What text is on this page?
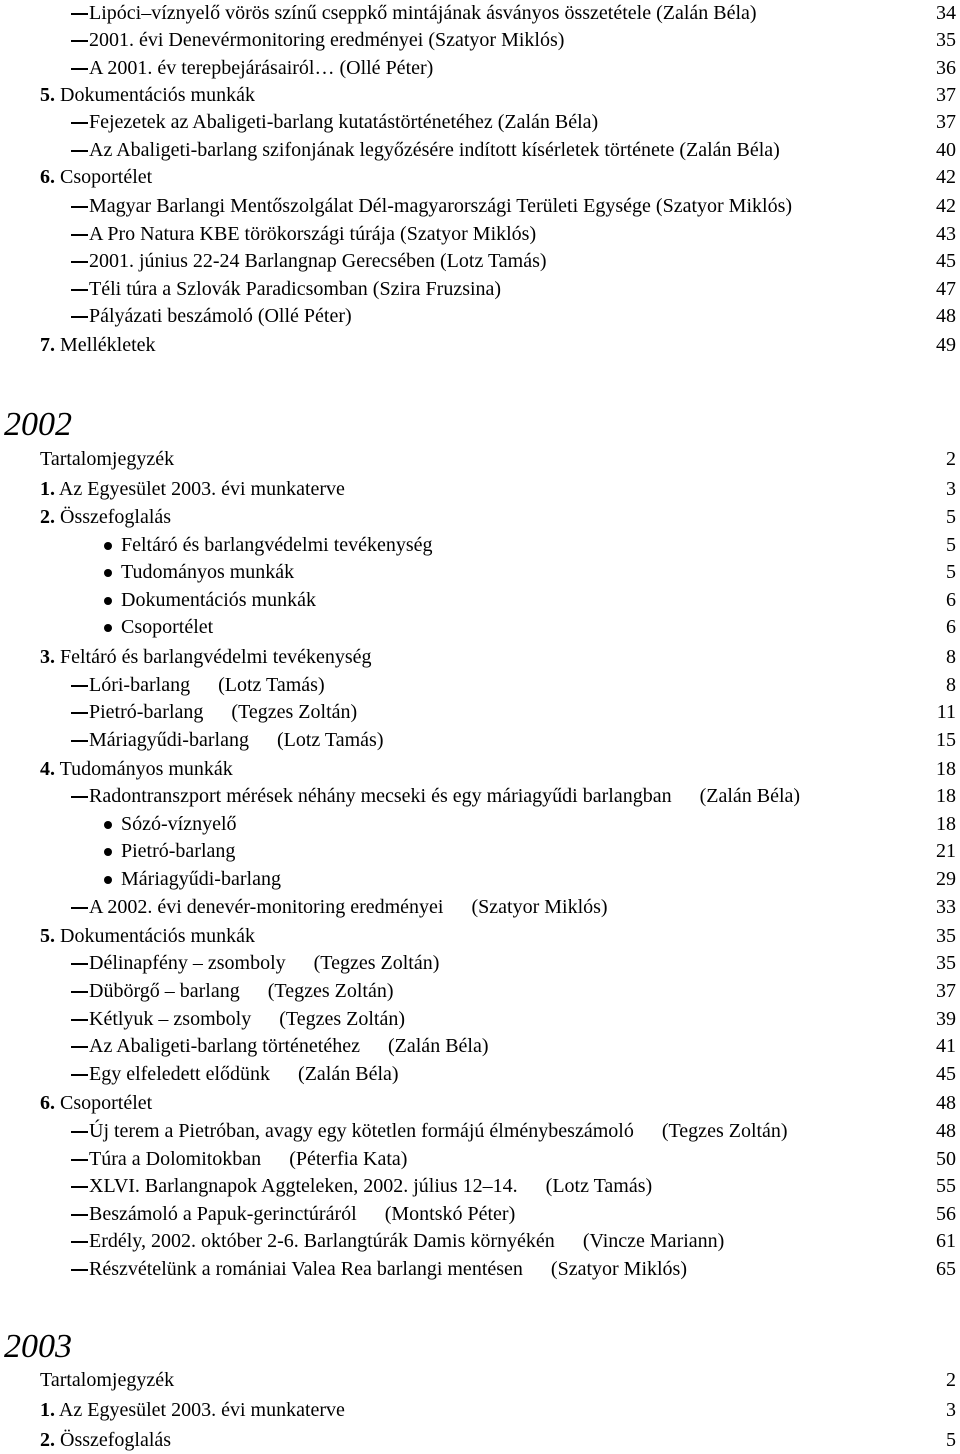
Lipóci–víznyelő vörös színű cseppkő mintájának ásványos összetétele (Zalán Béla)	34
2001. évi Denevérmonitoring eredményei (Szatyor Miklós)	35
A 2001. év terepbejárásairól… (Ollé Péter)	36
5. Dokumentációs munkák	37
Fejezetek az Abaligeti-barlang kutatástörténetéhez (Zalán Béla)	37
Az Abaligeti-barlang szifonjának legyőzésére indított kísérletek története (Zalán Béla)	40
6. Csoportélet	42
Magyar Barlangi Mentőszolgálat Dél-magyarországi Területi Egysége (Szatyor Miklós)	42
A Pro Natura KBE törökországi túrája (Szatyor Miklós)	43
2001. június 22-24 Barlangnap Gerecsében (Lotz Tamás)	45
Téli túra a Szlovák Paradicsomban (Szira Fruzsina)	47
Pályázati beszámoló (Ollé Péter)	48
7. Mellékletek	49
2002
Tartalomjegyzék	2
1. Az Egyesület 2003. évi munkaterve	3
2. Összefoglalás	5
Feltáró és barlangvédelmi tevékenység	5
Tudományos munkák	5
Dokumentációs munkák	6
Csoportélet	6
3. Feltáró és barlangvédelmi tevékenység	8
Lóri-barlang (Lotz Tamás)	8
Pietró-barlang (Tegzes Zoltán)	11
Máriagyűdi-barlang (Lotz Tamás)	15
4. Tudományos munkák	18
Radontranszport mérések néhány mecseki és egy máriagyűdi barlangban (Zalán Béla)	18
Sózó-víznyelő	18
Pietró-barlang	21
Máriagyűdi-barlang	29
A 2002. évi denevér-monitoring eredményei (Szatyor Miklós)	33
5. Dokumentációs munkák	35
Délinapfény – zsomboly (Tegzes Zoltán)	35
Dübörgő – barlang (Tegzes Zoltán)	37
Kétlyuk – zsomboly (Tegzes Zoltán)	39
Az Abaligeti-barlang történetéhez (Zalán Béla)	41
Egy elfeledett elődünk (Zalán Béla)	45
6. Csoportélet	48
Új terem a Pietróban, avagy egy kötetlen formájú élménybeszámoló (Tegzes Zoltán)	48
Túra a Dolomitokban (Péterfia Kata)	50
XLVI. Barlangnapok Aggteleken, 2002. július 12–14. (Lotz Tamás)	55
Beszámoló a Papuk-gerinctúráról (Montskó Péter)	56
Erdély, 2002. október 2-6. Barlangtúrák Damis környékén (Vincze Mariann)	61
Részvételünk a romániai Valea Rea barlangi mentésen (Szatyor Miklós)	65
2003
Tartalomjegyzék	2
1. Az Egyesület 2003. évi munkaterve	3
2. Összefoglalás	5
